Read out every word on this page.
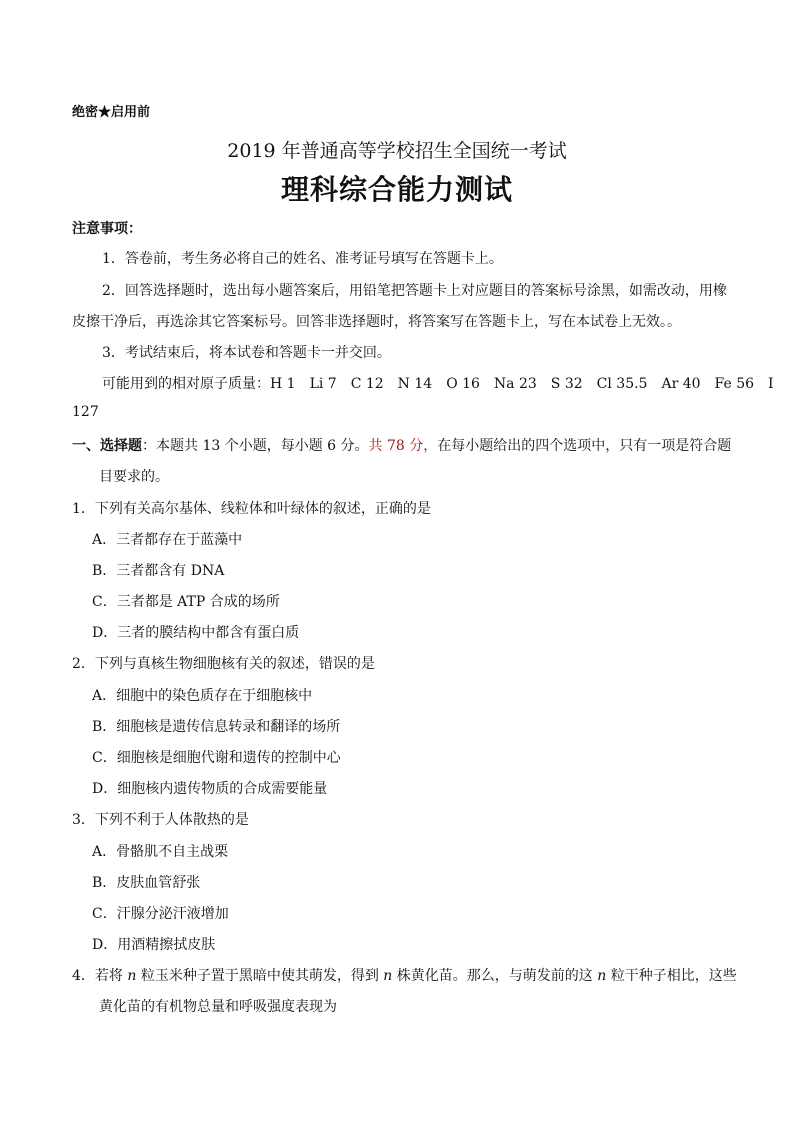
绝密★启用前
2019 年普通高等学校招生全国统一考试
理科综合能力测试
注意事项：
1．答卷前，考生务必将自己的姓名、准考证号填写在答题卡上。
2．回答选择题时，选出每小题答案后，用铅笔把答题卡上对应题目的答案标号涂黑，如需改动，用橡
皮擦干净后，再选涂其它答案标号。回答非选择题时，将答案写在答题卡上，写在本试卷上无效。。
3．考试结束后，将本试卷和答题卡一并交回。
可能用到的相对原子质量：H 1　Li 7　C 12　N 14　O 16　Na 23　S 32　Cl 35.5　Ar 40　Fe 56　I
127
一、选择题：本题共 13 个小题，每小题 6 分。共 78 分，在每小题给出的四个选项中，只有一项是符合题
目要求的。
1．下列有关高尔基体、线粒体和叶绿体的叙述，正确的是
A．三者都存在于蓝藻中
B．三者都含有 DNA
C．三者都是 ATP 合成的场所
D．三者的膜结构中都含有蛋白质
2．下列与真核生物细胞核有关的叙述，错误的是
A．细胞中的染色质存在于细胞核中
B．细胞核是遗传信息转录和翻译的场所
C．细胞核是细胞代谢和遗传的控制中心
D．细胞核内遗传物质的合成需要能量
3．下列不利于人体散热的是
A．骨骼肌不自主战栗
B．皮肤血管舒张
C．汗腺分泌汗液增加
D．用酒精擦拭皮肤
4．若将 n 粒玉米种子置于黑暗中使其萌发，得到 n 株黄化苗。那么，与萌发前的这 n 粒干种子相比，这些
黄化苗的有机物总量和呼吸强度表现为
